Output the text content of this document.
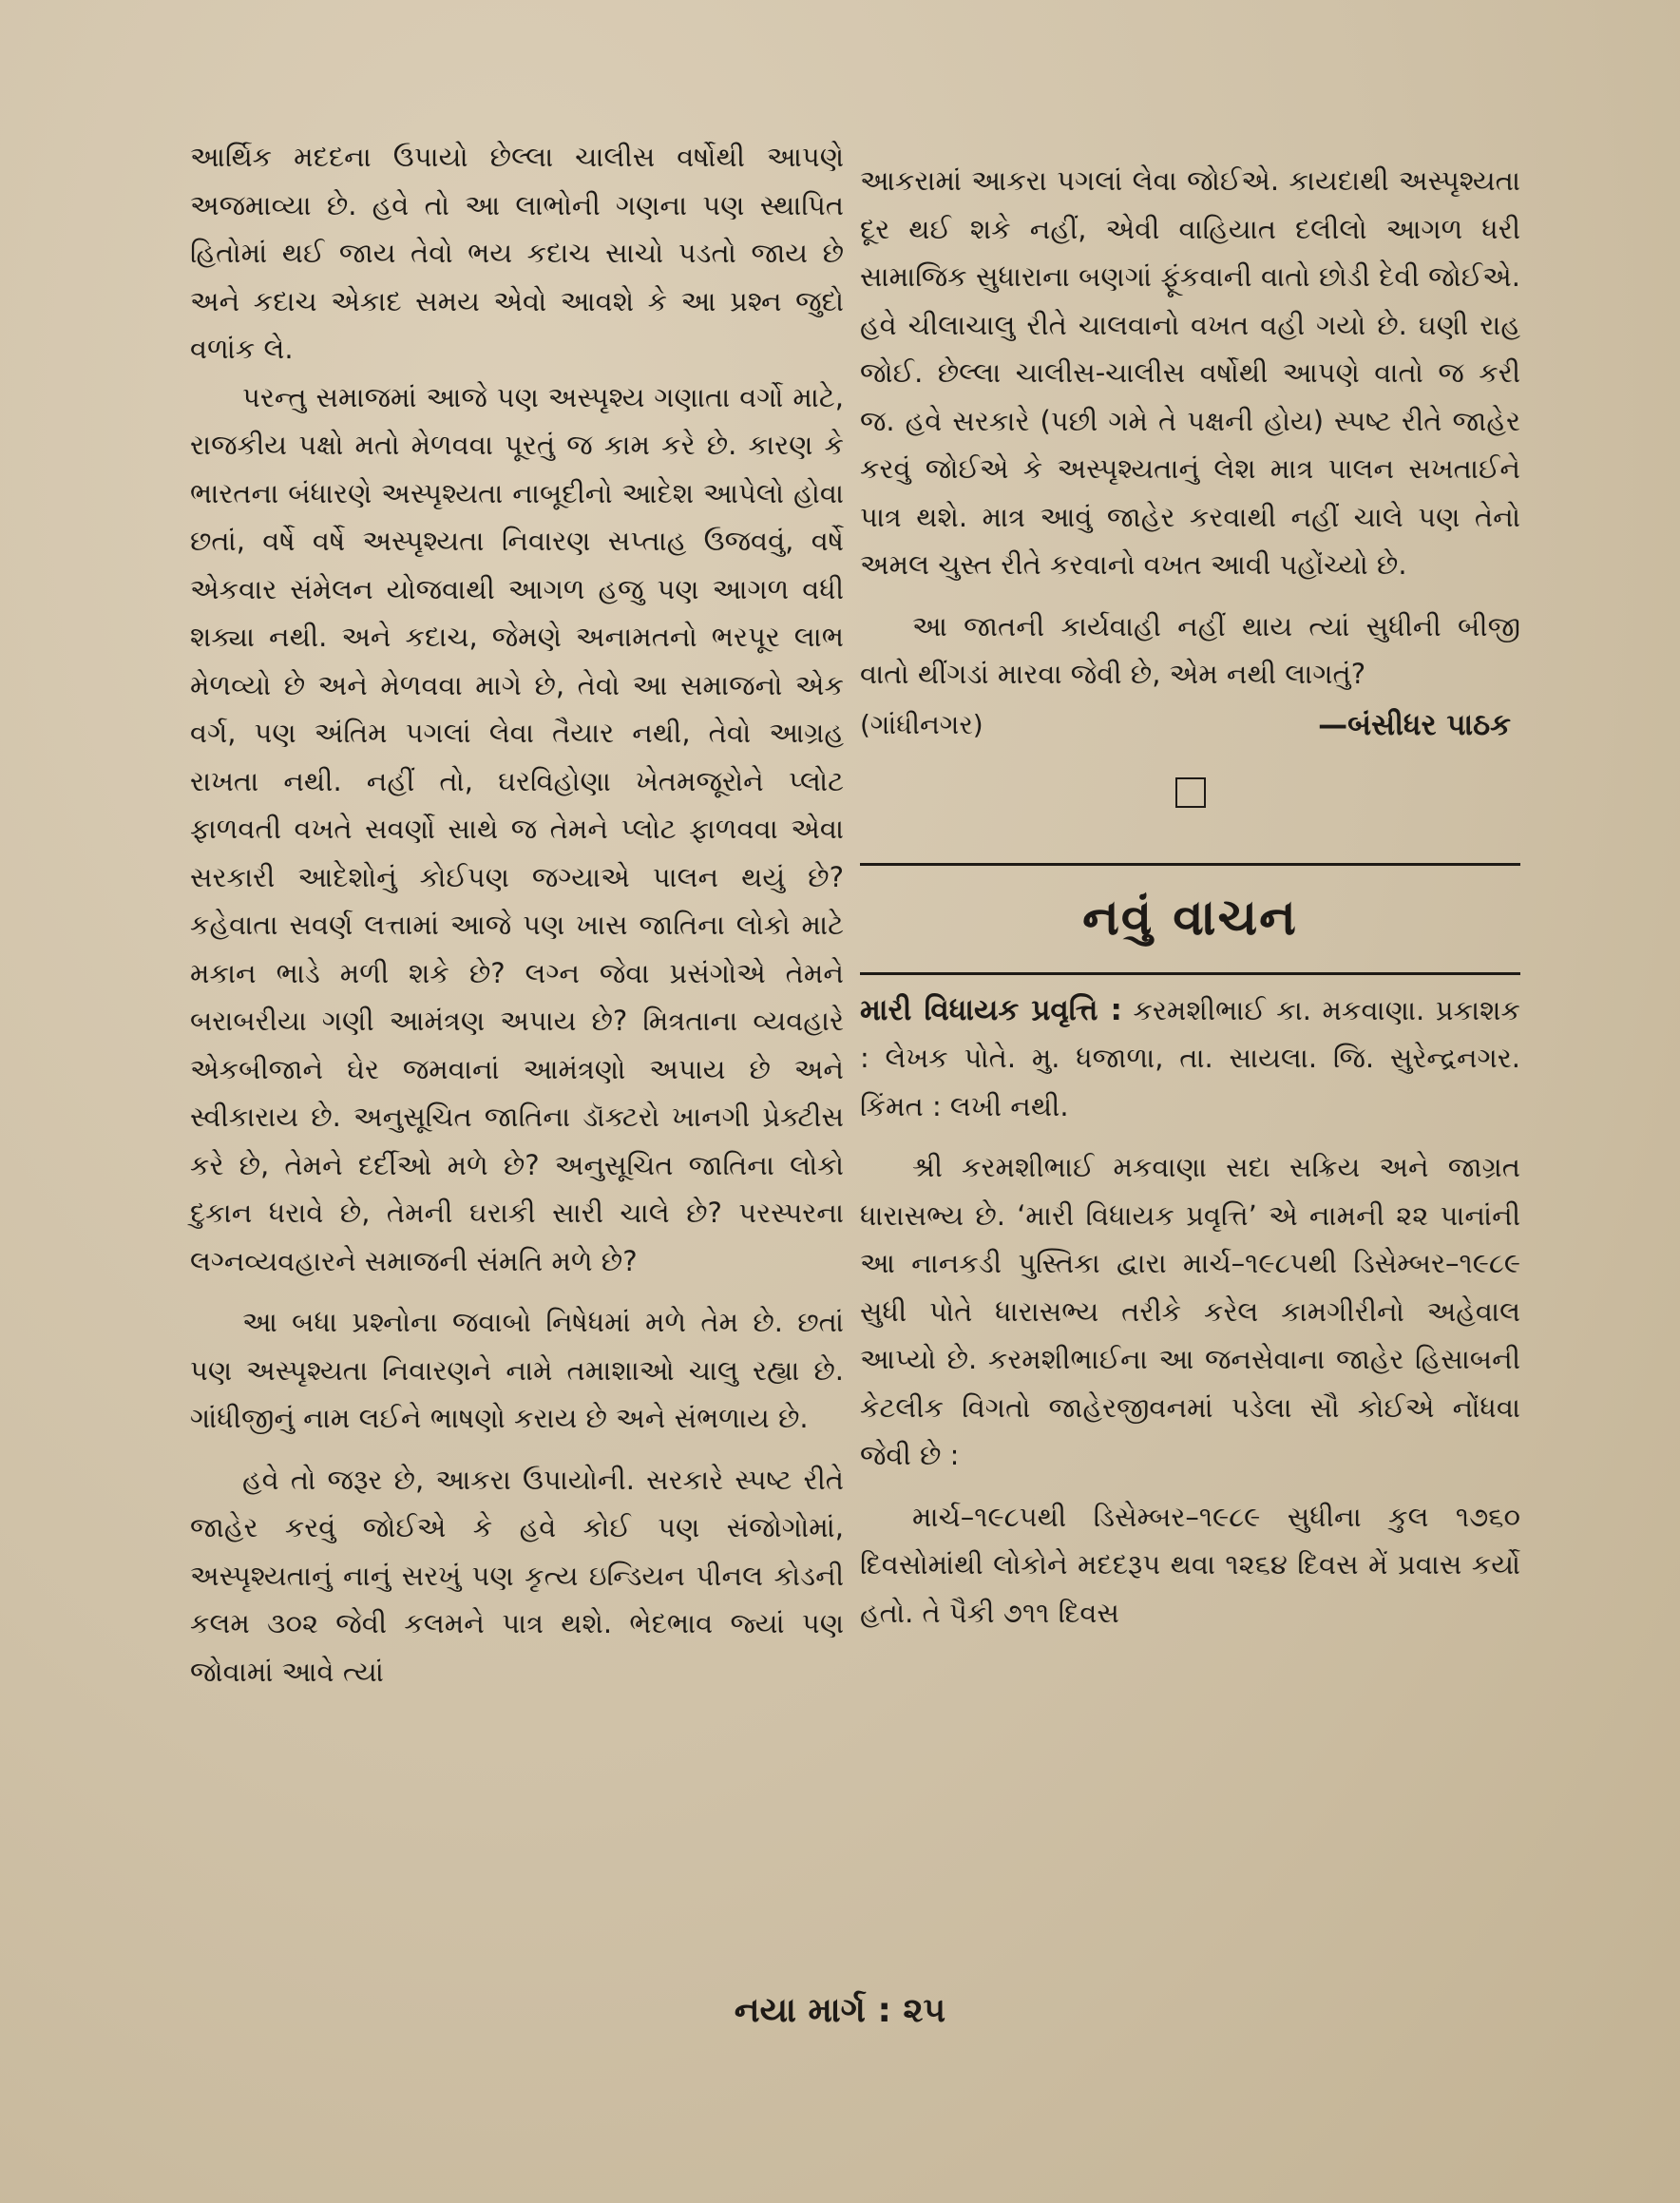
આર્થિક મદદના ઉપાયો છેલ્લા ચાલીસ વર્ષોથી આપણે અજમાવ્યા છે. હવે તો આ લાભોની ગણના પણ સ્થાપિત હિતોમાં થઈ જાય તેવો ભય કદાચ સાચો પડતો જાય છે અને કદાચ એકાદ સમય એવો આવશે કે આ પ્રશ્ન જુદો વળાંક લે.

પરન્તુ સમાજમાં આજે પણ અસ્પૃશ્ય ગણાતા વર્ગો માટે, રાજકીય પક્ષો મતો મેળવવા પૂરતું જ કામ કરે છે. કારણ કે ભારતના બંધારણે અસ્પૃશ્યતા નાબૂદીનો આદેશ આપેલો હોવા છતાં, વર્ષે વર્ષે અસ્પૃશ્યતા નિવારણ સપ્તાહ ઉજવવું, વર્ષે એકવાર સંમેલન યોજવાથી આગળ હજુ પણ આગળ વધી શક્યા નથી. અને કદાચ, જેમણે અનામતનો ભરપૂર લાભ મેળવ્યો છે અને મેળવવા માગે છે, તેવો આ સમાજનો એક વર્ગ, પણ અંતિમ પગલાં લેવા તૈયાર નથી, તેવો આગ્રહ રાખતા નથી. નહીં તો, ઘરવિહોણા ખેતમજૂરોને પ્લોટ ફાળવતી વખતે સવર્ણો સાથે જ તેમને પ્લોટ ફાળવવા એવા સરકારી આદેશોનું કોઈપણ જગ્યાએ પાલન થયું છે? કહેવાતા સવર્ણ લત્તામાં આજે પણ ખાસ જાતિના લોકો માટે મકાન ભાડે મળી શકે છે? લગ્ન જેવા પ્રસંગોએ તેમને બરાબરીયા ગણી આમંત્રણ અપાય છે? મિત્રતાના વ્યવહારે એકબીજાને ઘેર જમવાનાં આમંત્રણો અપાય છે અને સ્વીકારાય છે. અનુસૂચિત જાતિના ડૉક્ટરો ખાનગી પ્રેક્ટીસ કરે છે, તેમને દર્દીઓ મળે છે? અનુસૂચિત જાતિના લોકો દુકાન ધરાવે છે, તેમની ઘરાકી સારી ચાલે છે? પરસ્પરના લગ્નવ્યવહારને સમાજની સંમતિ મળે છે?

આ બધા પ્રશ્નોના જવાબો નિષેધમાં મળે તેમ છે. છતાં પણ અસ્પૃશ્યતા નિવારણને નામે તમાશાઓ ચાલુ રહ્યા છે. ગાંધીજીનું નામ લઈને ભાષણો કરાય છે અને સંભળાય છે.

હવે તો જરૂર છે, આકરા ઉપાયોની. સરકારે સ્પષ્ટ રીતે જાહેર કરવું જોઈએ કે હવે કોઈ પણ સંજોગોમાં, અસ્પૃશ્યતાનું નાનું સરખું પણ કૃત્ય ઇન્ડિયન પીનલ કોડની કલમ ૩૦૨ જેવી કલમને પાત્ર થશે. ભેદભાવ જ્યાં પણ જોવામાં આવે ત્યાં

આકરામાં આકરા પગલાં લેવા જોઈએ. કાયદાથી અસ્પૃશ્યતા દૂર થઈ શકે નહીં, એવી વાહિયાત દલીલો આગળ ધરી સામાજિક સુધારાના બણગાં ફૂંકવાની વાતો છોડી દેવી જોઈએ. હવે ચીલાચાલુ રીતે ચાલવાનો વખત વહી ગયો છે. ઘણી રાહ જોઈ. છેલ્લા ચાલીસ-ચાલીસ વર્ષોથી આપણે વાતો જ કરી જ. હવે સરકારે (પછી ગમે તે પક્ષની હોય) સ્પષ્ટ રીતે જાહેર કરવું જોઈએ કે અસ્પૃશ્યતાનું લેશ માત્ર પાલન સખતાઈને પાત્ર થશે. માત્ર આવું જાહેર કરવાથી નહીં ચાલે પણ તેનો અમલ ચુસ્ત રીતે કરવાનો વખત આવી પહોંચ્યો છે.

આ જાતની કાર્યવાહી નહીં થાય ત્યાં સુધીની બીજી વાતો થીંગડાં મારવા જેવી છે, એમ નથી લાગતું?

(ગાંધીનગર)	—બંસીધર પાઠક
નવું વાચન

મારી વિધાયક પ્રવૃત્તિ : કરમશીભાઈ કા. મકવાણા. પ્રકાશક : લેખક પોતે. મુ. ધજાળા, તા. સાયલા. જિ. સુરેન્દ્રનગર. કિંમત : લખી નથી.

શ્રી કરમશીભાઈ મકવાણા સદા સક્રિય અને જાગ્રત ધારાસભ્ય છે. ‘મારી વિધાયક પ્રવૃત્તિ’ એ નામની ૨૨ પાનાંની આ નાનકડી પુસ્તિકા દ્વારા માર્ચ–૧૯૮૫થી ડિસેમ્બર–૧૯૮૯ સુધી પોતે ધારાસભ્ય તરીકે કરેલ કામગીરીનો અહેવાલ આપ્યો છે. કરમશીભાઈના આ જનસેવાના જાહેર હિસાબની કેટલીક વિગતો જાહેરજીવનમાં પડેલા સૌ કોઈએ નોંધવા જેવી છે :

માર્ચ–૧૯૮૫થી ડિસેમ્બર–૧૯૮૯ સુધીના કુલ ૧૭૬૦ દિવસોમાંથી લોકોને મદદરૂપ થવા ૧૨૬૪ દિવસ મેં પ્રવાસ કર્યો હતો. તે પૈકી ૭૧૧ દિવસ

નયા માર્ગ : ૨૫
